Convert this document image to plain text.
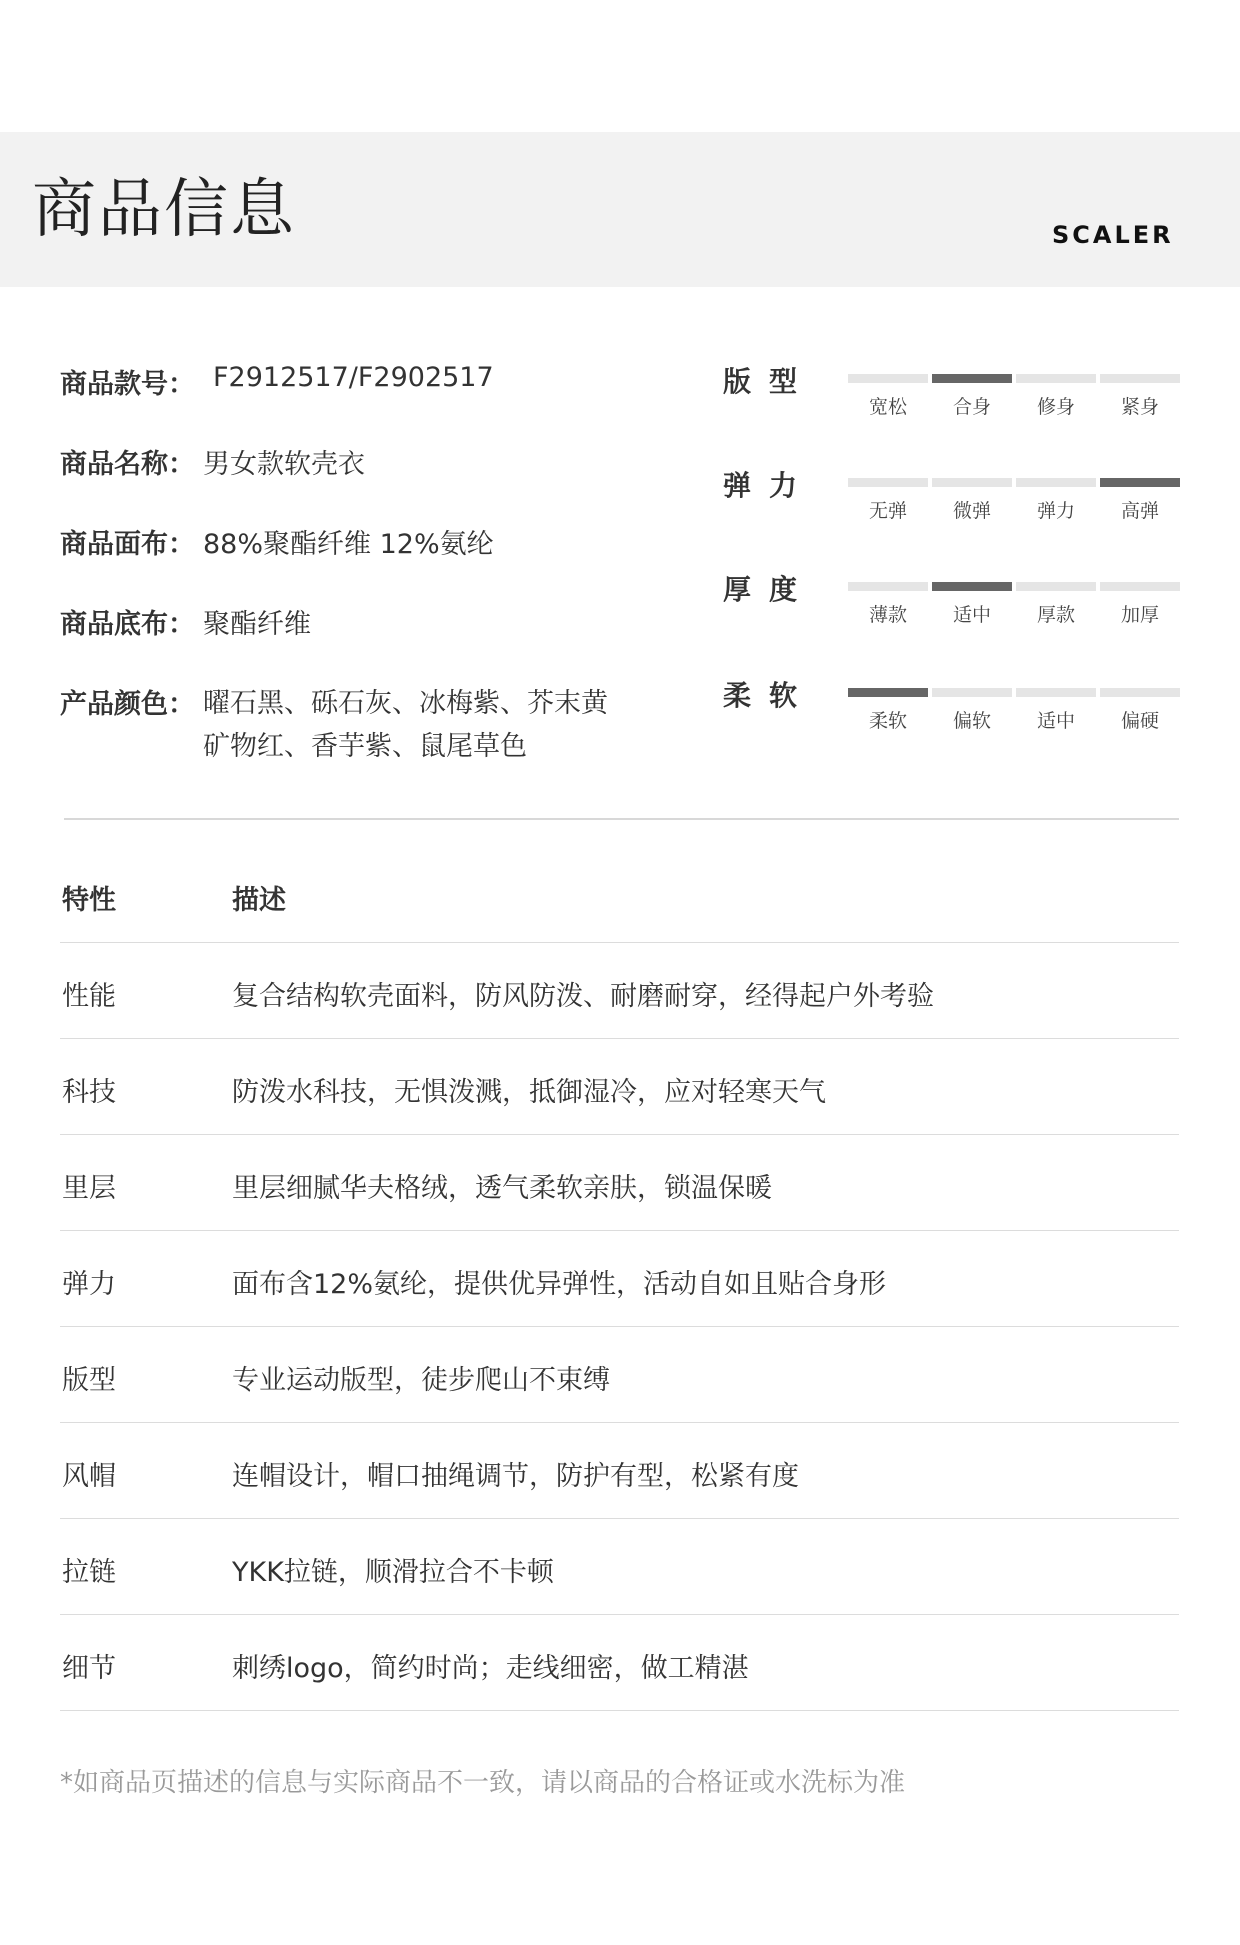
商品信息	SCALER
商品款号： F2912517/F2902517
商品名称： 男女款软壳衣
商品面布： 88%聚酯纤维 12%氨纶
商品底布： 聚酯纤维
产品颜色： 曜石黑、砾石灰、冰梅紫、芥末黄 矿物红、香芋紫、鼠尾草色
版型
宽松	合身	修身	紧身
弹力
无弹	微弹	弹力	高弹
厚度
薄款	适中	厚款	加厚
柔软
柔软	偏软	适中	偏硬
特性	描述
性能	复合结构软壳面料，防风防泼、耐磨耐穿，经得起户外考验
科技	防泼水科技，无惧泼溅，抵御湿冷，应对轻寒天气
里层	里层细腻华夫格绒，透气柔软亲肤，锁温保暖
弹力	面布含12%氨纶，提供优异弹性，活动自如且贴合身形
版型	专业运动版型，徒步爬山不束缚
风帽	连帽设计，帽口抽绳调节，防护有型，松紧有度
拉链	YKK拉链，顺滑拉合不卡顿
细节	刺绣logo，简约时尚；走线细密，做工精湛
*如商品页描述的信息与实际商品不一致，请以商品的合格证或水洗标为准
